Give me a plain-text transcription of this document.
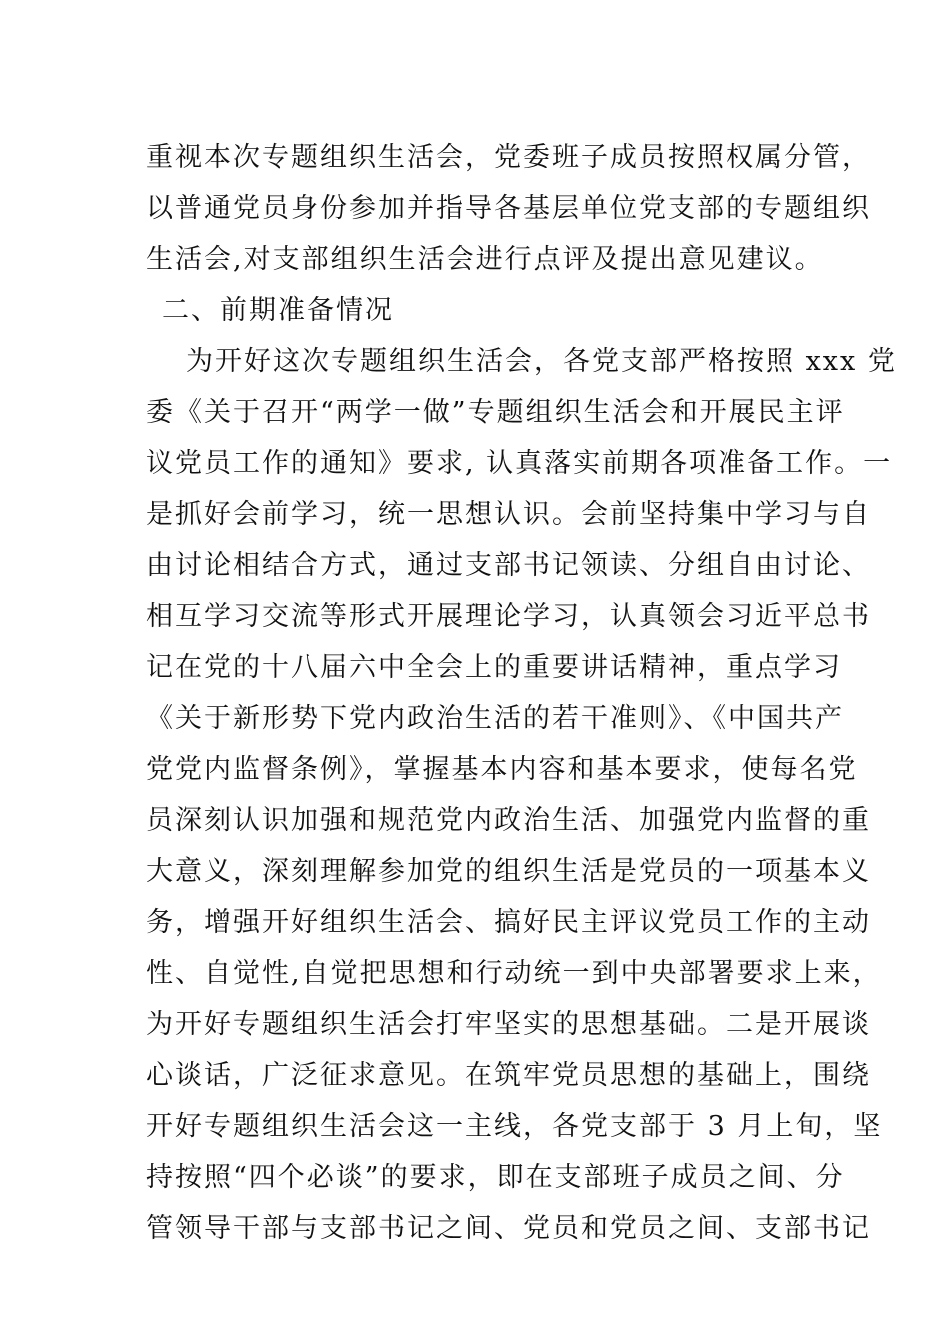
重视本次专题组织生活会，党委班子成员按照权属分管，
以普通党员身份参加并指导各基层单位党支部的专题组织
生活会,对支部组织生活会进行点评及提出意见建议。
二、前期准备情况
为开好这次专题组织生活会，各党支部严格按照 xxx 党
委《关于召开“两学一做”专题组织生活会和开展民主评
议党员工作的通知》要求, 认真落实前期各项准备工作。一
是抓好会前学习，统一思想认识。会前坚持集中学习与自
由讨论相结合方式，通过支部书记领读、分组自由讨论、
相互学习交流等形式开展理论学习，认真领会习近平总书
记在党的十八届六中全会上的重要讲话精神，重点学习
《关于新形势下党内政治生活的若干准则》、《中国共产
党党内监督条例》，掌握基本内容和基本要求，使每名党
员深刻认识加强和规范党内政治生活、加强党内监督的重
大意义，深刻理解参加党的组织生活是党员的一项基本义
务，增强开好组织生活会、搞好民主评议党员工作的主动
性、自觉性,自觉把思想和行动统一到中央部署要求上来，
为开好专题组织生活会打牢坚实的思想基础。二是开展谈
心谈话，广泛征求意见。在筑牢党员思想的基础上，围绕
开好专题组织生活会这一主线，各党支部于 3 月上旬，坚
持按照“四个必谈”的要求，即在支部班子成员之间、分
管领导干部与支部书记之间、党员和党员之间、支部书记
